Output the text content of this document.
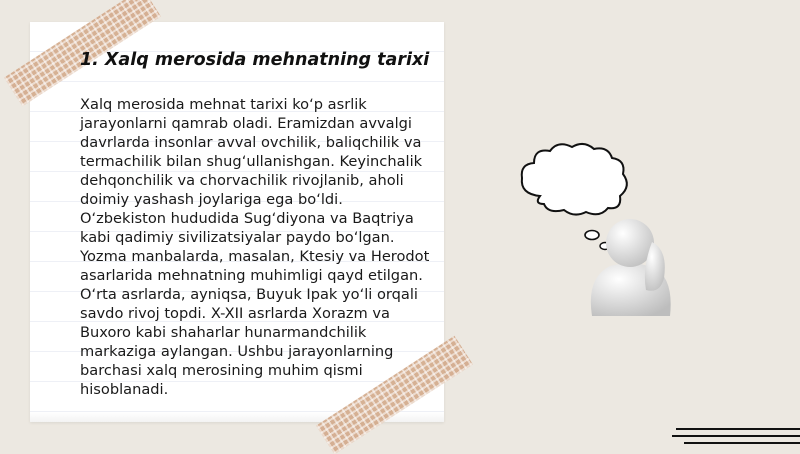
1. Xalq merosida mehnatning tarixi

Xalq merosida mehnat tarixi ko‘p asrlik jarayonlarni qamrab oladi. Eramizdan avvalgi davrlarda insonlar avval ovchilik, baliqchilik va termachilik bilan shug‘ullanishgan. Keyinchalik dehqonchilik va chorvachilik rivojlanib, aholi doimiy yashash joylariga ega bo‘ldi. O‘zbekiston hududida Sug‘diyona va Baqtriya kabi qadimiy sivilizatsiyalar paydo bo‘lgan. Yozma manbalarda, masalan, Ktesiy va Herodot asarlarida mehnatning muhimligi qayd etilgan. O‘rta asrlarda, ayniqsa, Buyuk Ipak yo‘li orqali savdo rivoj topdi. X-XII asrlarda Xorazm va Buxoro kabi shaharlar hunarmandchilik markaziga aylangan. Ushbu jarayonlarning barchasi xalq merosining muhim qismi hisoblanadi.
